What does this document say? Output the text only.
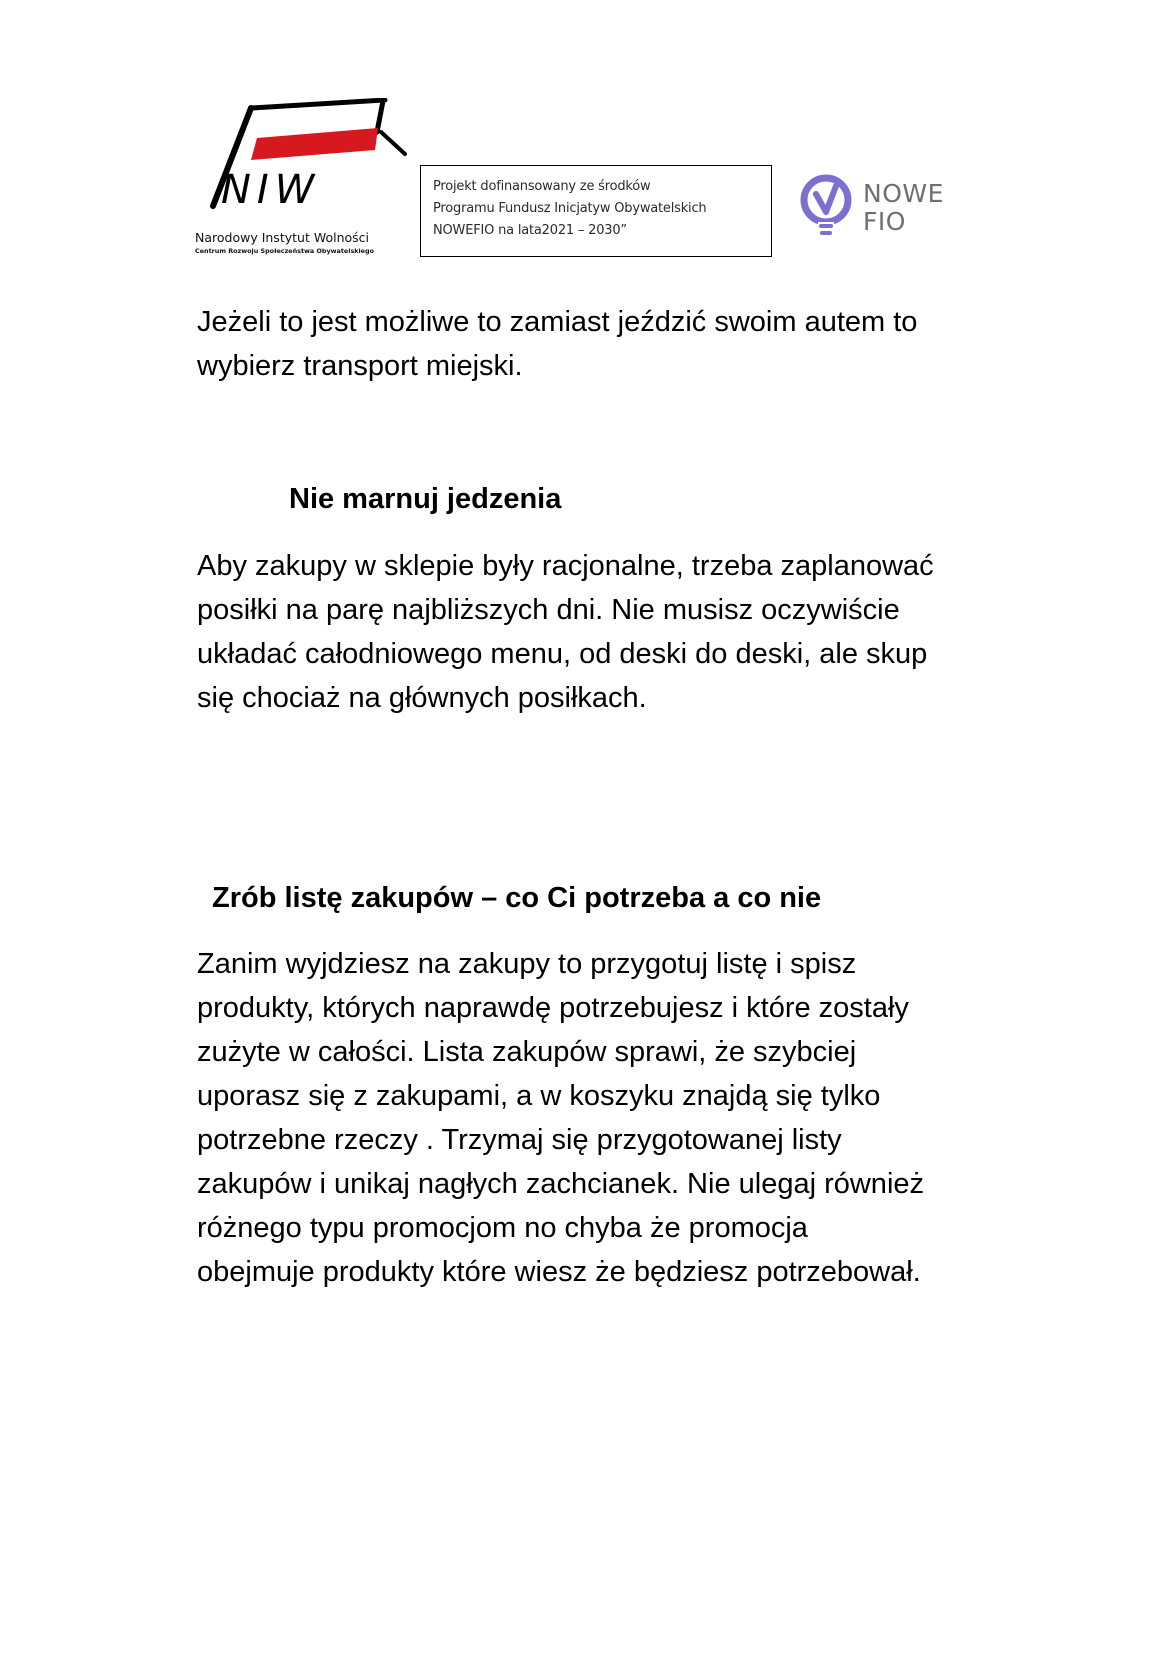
NIW
Narodowy Instytut Wolności
Centrum Rozwoju Społeczeństwa Obywatelskiego
Projekt dofinansowany ze środków
Programu Fundusz Inicjatyw Obywatelskich
NOWEFIO na lata2021 – 2030”
NOWE
FIO
Jeżeli to jest możliwe to zamiast jeździć swoim autem to
wybierz transport miejski.
Nie marnuj jedzenia
Aby zakupy w sklepie były racjonalne, trzeba zaplanować
posiłki na parę najbliższych dni. Nie musisz oczywiście
układać całodniowego menu, od deski do deski, ale skup
się chociaż na głównych posiłkach.
Zrób listę zakupów – co Ci potrzeba a co nie
Zanim wyjdziesz na zakupy to przygotuj listę i spisz
produkty, których naprawdę potrzebujesz i które zostały
zużyte w całości. Lista zakupów sprawi, że szybciej
uporasz się z zakupami, a w koszyku znajdą się tylko
potrzebne rzeczy . Trzymaj się przygotowanej listy
zakupów i unikaj nagłych zachcianek. Nie ulegaj również
różnego typu promocjom no chyba że promocja
obejmuje produkty które wiesz że będziesz potrzebował.
